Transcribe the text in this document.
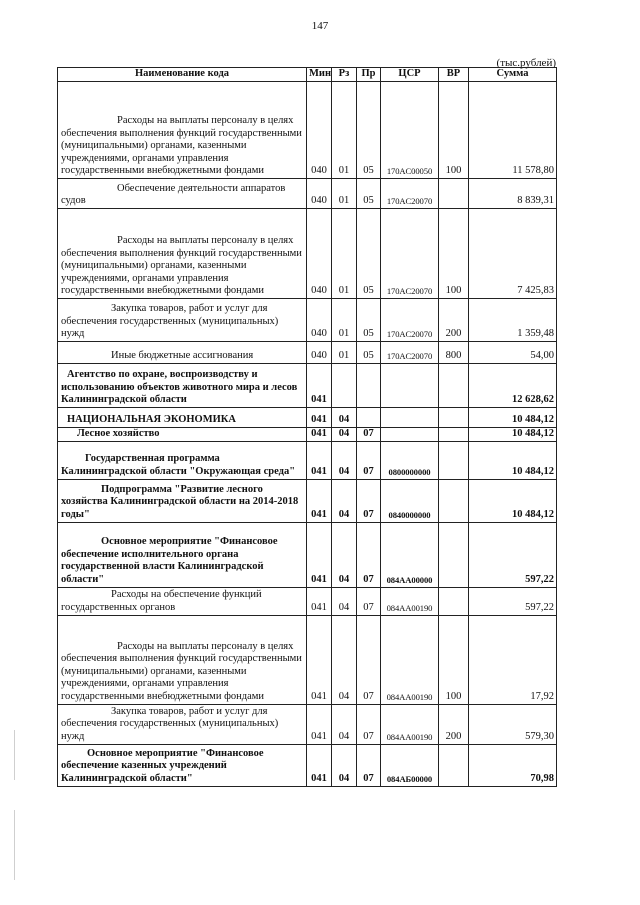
147
(тыс.рублей)
Наименование кода	Мин	Рз	Пр	ЦСР	ВР	Сумма

Расходы на выплаты персоналу в целях обеспечения выполнения функций государственными (муниципальными) органами, казенными учреждениями, органами управления государственными внебюджетными фондами	040	01	05	170AC00050	100	11 578,80

Обеспечение деятельности аппаратов судов	040	01	05	170AC20070		8 839,31

Расходы на выплаты персоналу в целях обеспечения выполнения функций государственными (муниципальными) органами, казенными учреждениями, органами управления государственными внебюджетными фондами	040	01	05	170AC20070	100	7 425,83

Закупка товаров, работ и услуг для обеспечения государственных (муниципальных) нужд	040	01	05	170AC20070	200	1 359,48

Иные бюджетные ассигнования	040	01	05	170AC20070	800	54,00

Агентство по охране, воспроизводству и использованию объектов животного мира и лесов Калининградской области	041					12 628,62

НАЦИОНАЛЬНАЯ ЭКОНОМИКА	041	04				10 484,12

Лесное хозяйство	041	04	07			10 484,12

Государственная программа Калининградской области "Окружающая среда"	041	04	07	0800000000		10 484,12

Подпрограмма "Развитие лесного хозяйства Калининградской области на 2014-2018 годы"	041	04	07	0840000000		10 484,12

Основное мероприятие "Финансовое обеспечение исполнительного органа государственной власти Калининградской области"	041	04	07	084AA00000		597,22

Расходы на обеспечение функций государственных органов	041	04	07	084AA00190		597,22

Расходы на выплаты персоналу в целях обеспечения выполнения функций государственными (муниципальными) органами, казенными учреждениями, органами управления государственными внебюджетными фондами	041	04	07	084AA00190	100	17,92

Закупка товаров, работ и услуг для обеспечения государственных (муниципальных) нужд	041	04	07	084AA00190	200	579,30

Основное мероприятие "Финансовое обеспечение казенных учреждений Калининградской области"	041	04	07	084АБ00000		70,98
